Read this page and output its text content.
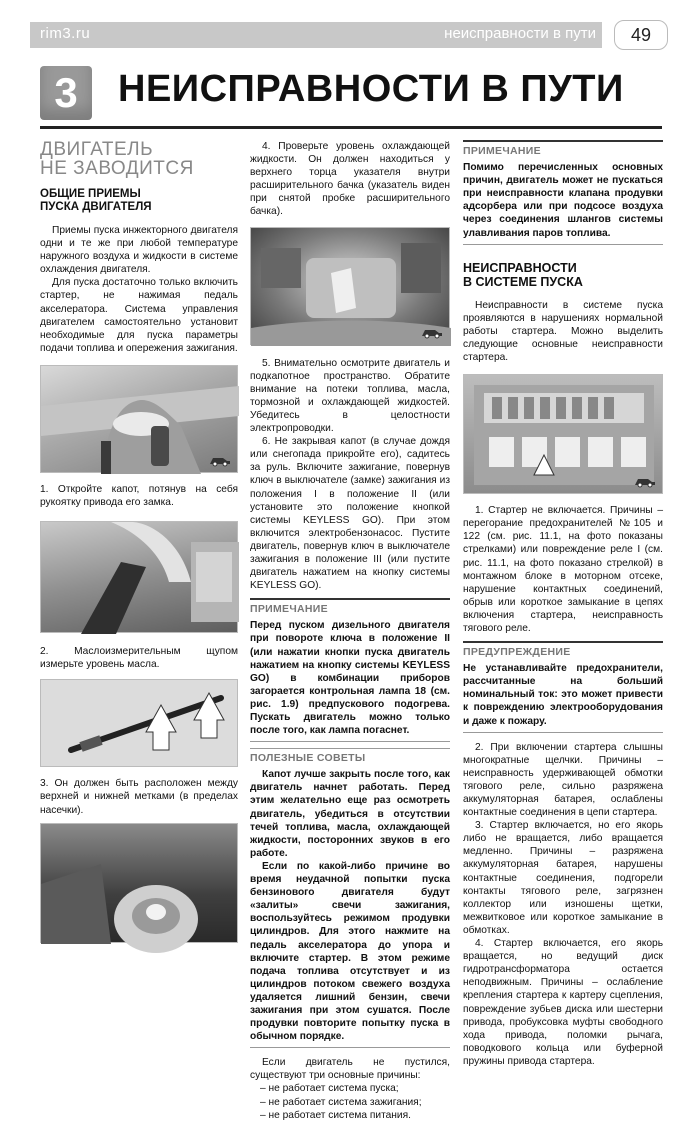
rim3.ru	неисправности в пути	49
3	НЕИСПРАВНОСТИ В ПУТИ
ДВИГАТЕЛЬ
НЕ ЗАВОДИТСЯ
ОБЩИЕ ПРИЕМЫ
ПУСКА ДВИГАТЕЛЯ

Приемы пуска инжекторного двигателя одни и те же при любой температуре наружного воздуха и жидкости в системе охлаждения двигателя.

Для пуска достаточно только включить стартер, не нажимая педаль акселератора. Система управления двигателем самостоятельно установит необходимые для пуска параметры подачи топлива и опережения зажигания.

1. Откройте капот, потянув на себя рукоятку привода его замка.

2. Маслоизмерительным щупом измерьте уровень масла.

3. Он должен быть расположен между верхней и нижней метками (в пределах насечки).

4. Проверьте уровень охлаждающей жидкости. Он должен находиться у верхнего торца указателя внутри расширительного бачка (указатель виден при снятой пробке расширительного бачка).

5. Внимательно осмотрите двигатель и подкапотное пространство. Обратите внимание на потеки топлива, масла, тормозной и охлаждающей жидкостей. Убедитесь в целостности электропроводки.

6. Не закрывая капот (в случае дождя или снегопада прикройте его), садитесь за руль. Включите зажигание, повернув ключ в выключателе (замке) зажигания из положения I в положение II (или установите это положение кнопкой системы KEYLESS GO). При этом включится электробензонасос. Пустите двигатель, повернув ключ в выключателе зажигания в положение III (или пустите двигатель нажатием на кнопку системы KEYLESS GO).

ПРИМЕЧАНИЕ

Перед пуском дизельного двигателя при повороте ключа в положение II (или нажатии кнопки пуска двигатель нажатием на кнопку системы KEYLESS GO) в комбинации приборов загорается контрольная лампа 18 (см. рис. 1.9) предпускового подогрева. Пускать двигатель можно только после того, как лампа погаснет.

ПОЛЕЗНЫЕ СОВЕТЫ

Капот лучше закрыть после того, как двигатель начнет работать. Перед этим желательно еще раз осмотреть двигатель, убедиться в отсутствии течей топлива, масла, охлаждающей жидкости, посторонних звуков в его работе.

Если по какой-либо причине во время неудачной попытки пуска бензинового двигателя будут «залиты» свечи зажигания, воспользуйтесь режимом продувки цилиндров. Для этого нажмите на педаль акселератора до упора и включите стартер. В этом режиме подача топлива отсутствует и из цилиндров потоком свежего воздуха удаляется лишний бензин, свечи зажигания при этом сушатся. После продувки повторите попытку пуска в обычном порядке.

Если двигатель не пустился, существуют три основные причины:

– не работает система пуска;
– не работает система зажигания;
– не работает система питания.
ПРИМЕЧАНИЕ

Помимо перечисленных основных причин, двигатель может не пускаться при неисправности клапана продувки адсорбера или при подсосе воздуха через соединения шлангов системы улавливания паров топлива.

НЕИСПРАВНОСТИ
В СИСТЕМЕ ПУСКА

Неисправности в системе пуска проявляются в нарушениях нормальной работы стартера. Можно выделить следующие основные неисправности стартера.

1. Стартер не включается. Причины – перегорание предохранителей №105 и 122 (см. рис. 11.1, на фото показаны стрелками) или повреждение реле I (см. рис. 11.1, на фото показано стрелкой) в монтажном блоке в моторном отсеке, нарушение контактных соединений, обрыв или короткое замыкание в цепях включения стартера, неисправность тягового реле.

ПРЕДУПРЕЖДЕНИЕ

Не устанавливайте предохранители, рассчитанные на больший номинальный ток: это может привести к повреждению электрооборудования и даже к пожару.

2. При включении стартера слышны многократные щелчки. Причины – неисправность удерживающей обмотки тягового реле, сильно разряжена аккумуляторная батарея, ослаблены контактные соединения в цепи стартера.

3. Стартер включается, но его якорь либо не вращается, либо вращается медленно. Причины – разряжена аккумуляторная батарея, нарушены контактные соединения, подгорели контакты тягового реле, загрязнен коллектор или изношены щетки, межвитковое или короткое замыкание в обмотках.

4. Стартер включается, его якорь вращается, но ведущий диск гидротрансформатора остается неподвижным. Причины – ослабление крепления стартера к картеру сцепления, повреждение зубьев диска или шестерни привода, пробуксовка муфты свободного хода привода, поломки рычага, поводкового кольца или буферной пружины привода стартера.
